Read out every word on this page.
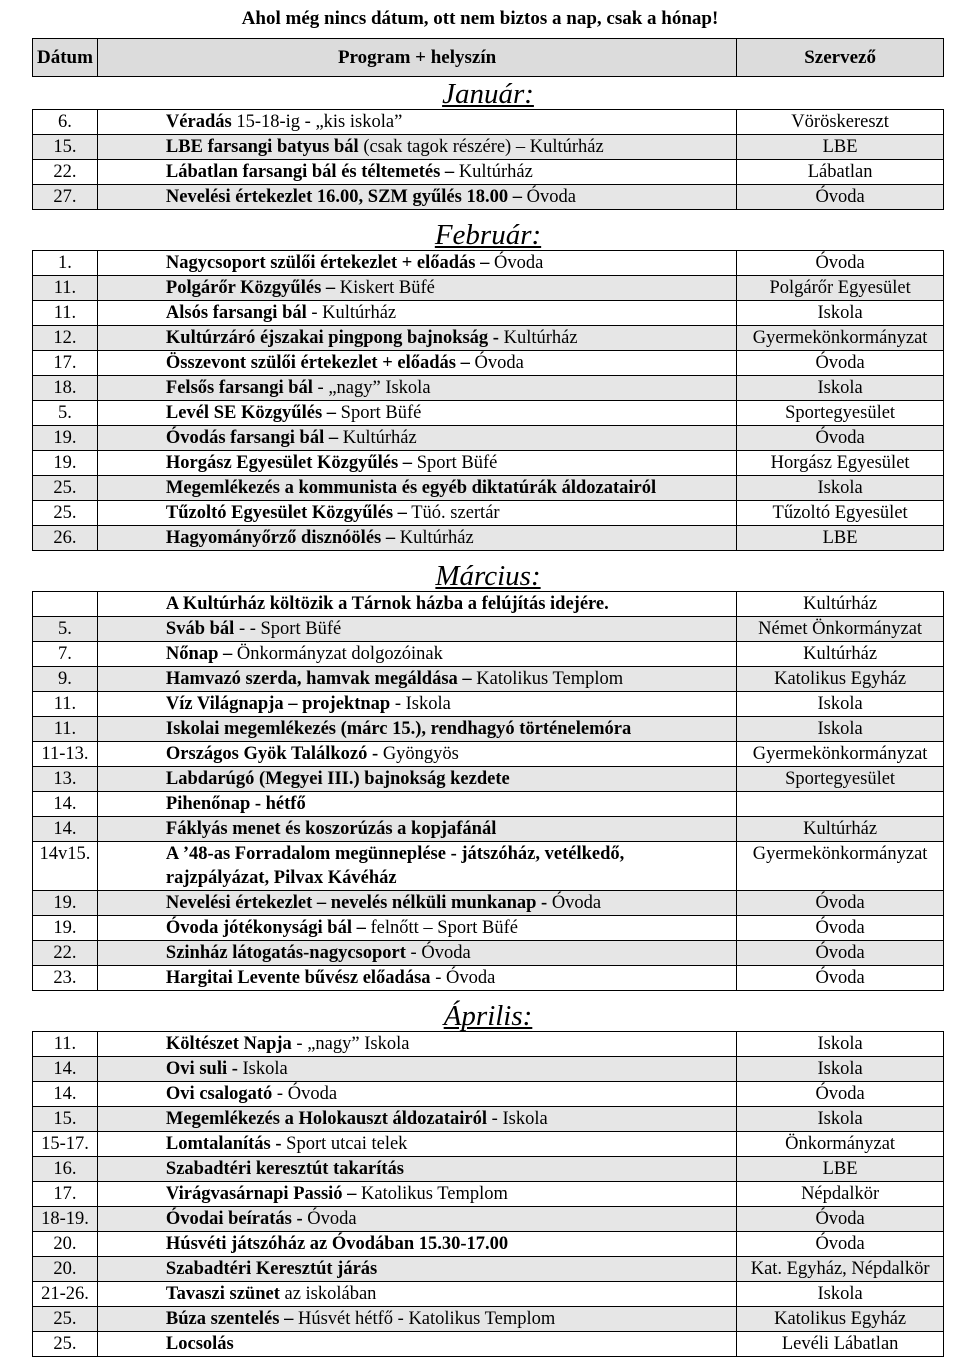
Ahol még nincs dátum, ott nem biztos a nap, csak a hónap!
Dátum	Program + helyszín	Szervező
Január:		
6.	Véradás 15-18-ig - „kis iskola”	Vöröskereszt
15.	LBE farsangi batyus bál (csak tagok részére) – Kultúrház	LBE
22.	Lábatlan farsangi bál és téltemetés – Kultúrház	Lábatlan
27.	Nevelési értekezlet 16.00, SZM gyűlés 18.00 – Óvoda	Óvoda
Február:		
1.	Nagycsoport szülői értekezlet + előadás – Óvoda	Óvoda
11.	Polgárőr Közgyűlés – Kiskert Büfé	Polgárőr Egyesület
11.	Alsós farsangi bál - Kultúrház	Iskola
12.	Kultúrzáró éjszakai pingpong bajnokság - Kultúrház	Gyermekönkormányzat
17.	Összevont szülői értekezlet + előadás – Óvoda	Óvoda
18.	Felsős farsangi bál - „nagy” Iskola	Iskola
5.	Levél SE Közgyűlés – Sport Büfé	Sportegyesület
19.	Óvodás farsangi bál – Kultúrház	Óvoda
19.	Horgász Egyesület Közgyűlés – Sport Büfé	Horgász Egyesület
25.	Megemlékezés a kommunista és egyéb diktatúrák áldozatairól	Iskola
25.	Tűzoltó Egyesület Közgyűlés – Tüó. szertár	Tűzoltó Egyesület
26.	Hagyományőrző disznóölés – Kultúrház	LBE
Március:		
	A Kultúrház költözik a Tárnok házba a felújítás idejére.	Kultúrház
5.	Sváb bál - - Sport Büfé	Német Önkormányzat
7.	Nőnap – Önkormányzat dolgozóinak	Kultúrház
9.	Hamvazó szerda, hamvak megáldása – Katolikus Templom	Katolikus Egyház
11.	Víz Világnapja – projektnap - Iskola	Iskola
11.	Iskolai megemlékezés (márc 15.), rendhagyó történelemóra	Iskola
11-13.	Országos Gyök Találkozó - Gyöngyös	Gyermekönkormányzat
13.	Labdarúgó (Megyei III.) bajnokság kezdete	Sportegyesület
14.	Pihenőnap - hétfő	
14.	Fáklyás menet és koszorúzás a kopjafánál	Kultúrház
14v15.	A ’48-as Forradalom megünneplése - játszóház, vetélkedő, rajzpályázat, Pilvax Kávéház	Gyermekönkormányzat
19.	Nevelési értekezlet – nevelés nélküli munkanap - Óvoda	Óvoda
19.	Óvoda jótékonysági bál – felnőtt – Sport Büfé	Óvoda
22.	Szinház látogatás-nagycsoport - Óvoda	Óvoda
23.	Hargitai Levente bűvész előadása - Óvoda	Óvoda
Április:		
11.	Költészet Napja - „nagy” Iskola	Iskola
14.	Ovi suli - Iskola	Iskola
14.	Ovi csalogató - Óvoda	Óvoda
15.	Megemlékezés a Holokauszt áldozatairól - Iskola	Iskola
15-17.	Lomtalanítás - Sport utcai telek	Önkormányzat
16.	Szabadtéri keresztút takarítás	LBE
17.	Virágvasárnapi Passió – Katolikus Templom	Népdalkör
18-19.	Óvodai beíratás - Óvoda	Óvoda
20.	Húsvéti játszóház az Óvodában 15.30-17.00	Óvoda
20.	Szabadtéri Keresztút járás	Kat. Egyház, Népdalkör
21-26.	Tavaszi szünet az iskolában	Iskola
25.	Búza szentelés – Húsvét hétfő - Katolikus Templom	Katolikus Egyház
25.	Locsolás	Levéli Lábatlan
